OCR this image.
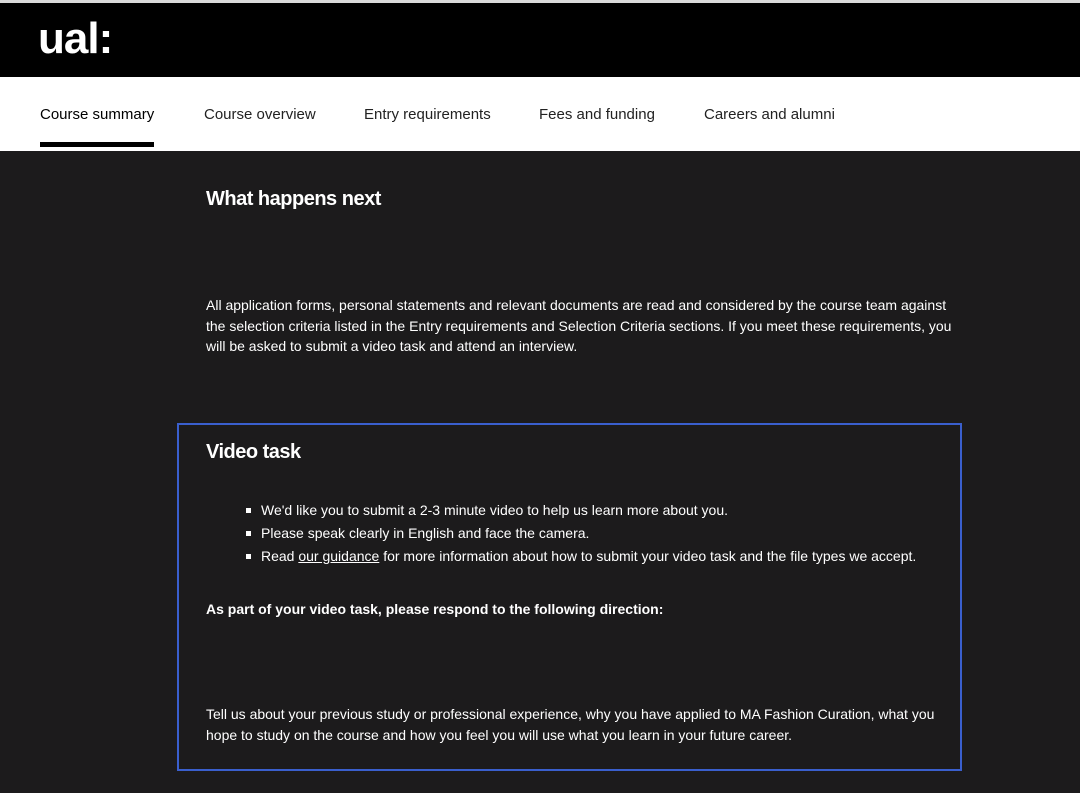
ual:
Course summary	Course overview	Entry requirements	Fees and funding	Careers and alumni
What happens next

All application forms, personal statements and relevant documents are read and considered by the course team against the selection criteria listed in the Entry requirements and Selection Criteria sections. If you meet these requirements, you will be asked to submit a video task and attend an interview.

Video task
We'd like you to submit a 2-3 minute video to help us learn more about you.
Please speak clearly in English and face the camera.
Read our guidance for more information about how to submit your video task and the file types we accept.

As part of your video task, please respond to the following direction:

Tell us about your previous study or professional experience, why you have applied to MA Fashion Curation, what you hope to study on the course and how you feel you will use what you learn in your future career.
